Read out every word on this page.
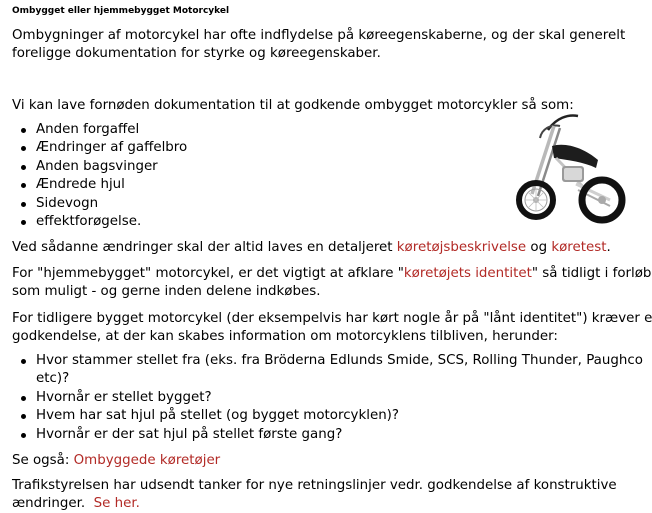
Ombygget eller hjemmebygget Motorcykel
Ombygninger af motorcykel har ofte indflydelse på køreegenskaberne, og der skal generelt
foreligge dokumentation for styrke og køreegenskaber.
Vi kan lave fornøden dokumentation til at godkende ombygget motorcykler så som:
Anden forgaffel
Ændringer af gaffelbro
Anden bagsvinger
Ændrede hjul
Sidevogn
effektforøgelse.
Ved sådanne ændringer skal der altid laves en detaljeret køretøjsbeskrivelse og køretest.
For "hjemmebygget" motorcykel, er det vigtigt at afklare "køretøjets identitet" så tidligt i forløb
som muligt - og gerne inden delene indkøbes.
For tidligere bygget motorcykel (der eksempelvis har kørt nogle år på "lånt identitet") kræver e
godkendelse, at der kan skabes information om motorcyklens tilbliven, herunder:
Hvor stammer stellet fra (eks. fra Bröderna Edlunds Smide, SCS, Rolling Thunder, Paughco
etc)?
Hvornår er stellet bygget?
Hvem har sat hjul på stellet (og bygget motorcyklen)?
Hvornår er der sat hjul på stellet første gang?
Se også: Ombyggede køretøjer
Trafikstyrelsen har udsendt tanker for nye retningslinjer vedr. godkendelse af konstruktive
ændringer. Se her.
